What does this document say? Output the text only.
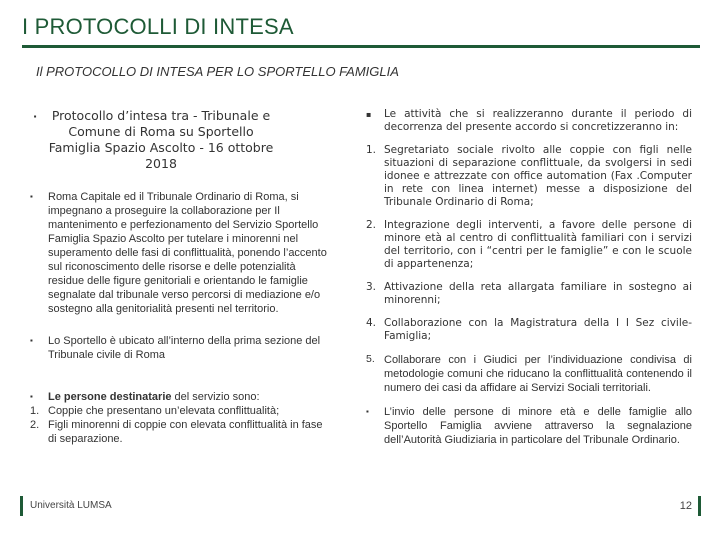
I PROTOCOLLI DI INTESA
Il PROTOCOLLO DI INTESA PER LO SPORTELLO FAMIGLIA
▪	Protocollo d’intesa tra - Tribunale e Comune di Roma su Sportello Famiglia Spazio Ascolto - 16 ottobre 2018
▪	Roma Capitale ed il Tribunale Ordinario di Roma, si impegnano a proseguire la collaborazione per Il mantenimento e perfezionamento del Servizio Sportello Famiglia Spazio Ascolto per tutelare i minorenni nel superamento delle fasi di conflittualità, ponendo l’accento sul riconoscimento delle risorse e delle potenzialità residue delle figure genitoriali e orientando le famiglie segnalate dal tribunale verso percorsi di mediazione e/o sostegno alla genitorialità presenti nel territorio.
▪	Lo Sportello è ubicato all’interno della prima sezione del Tribunale civile di Roma
▪	Le persone destinatarie del servizio sono:
1. Coppie che presentano un’elevata conflittualità;
2. Figli minorenni di coppie con elevata conflittualità in fase di separazione.
▪	Le attività che si realizzeranno durante il periodo di decorrenza del presente accordo si concretizzeranno in:
1. Segretariato sociale rivolto alle coppie con figli nelle situazioni di separazione conflittuale, da svolgersi in sedi idonee e attrezzate con office automation (Fax .Computer in rete con linea internet) messe a disposizione del Tribunale Ordinario di Roma;
2. Integrazione degli interventi, a favore delle persone di minore età al centro di conflittualità familiari con i servizi del territorio, con i “centri per le famiglie” e con le scuole di appartenenza;
3. Attivazione della reta allargata familiare in sostegno ai minorenni;
4. Collaborazione con la Magistratura della I I Sez civile-Famiglia;
5. Collaborare con i Giudici per l’individuazione condivisa di metodologie comuni che riducano la conflittualità contenendo il numero dei casi da affidare ai Servizi Sociali territoriali.
▪	L’invio delle persone di minore età e delle famiglie allo Sportello Famiglia avviene attraverso la segnalazione dell’Autorità Giudiziaria in particolare del Tribunale Ordinario.
Università LUMSA	12
